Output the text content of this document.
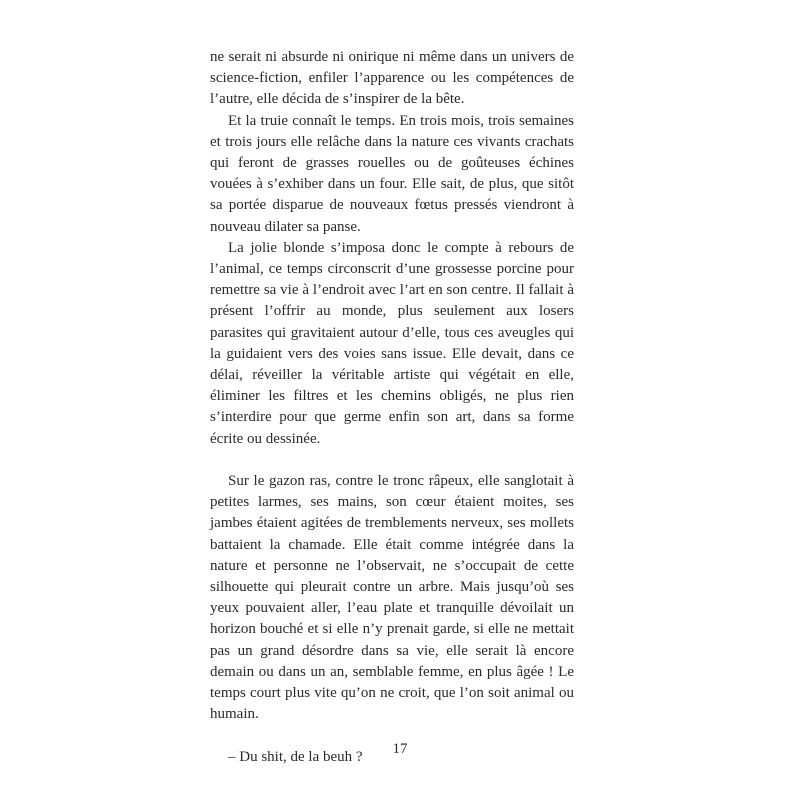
ne serait ni absurde ni onirique ni même dans un univers de science-fiction, enfiler l’apparence ou les compétences de l’autre, elle décida de s’inspirer de la bête.

Et la truie connaît le temps. En trois mois, trois semaines et trois jours elle relâche dans la nature ces vivants crachats qui feront de grasses rouelles ou de goûteuses échines vouées à s’exhiber dans un four. Elle sait, de plus, que sitôt sa portée disparue de nouveaux fœtus pressés viendront à nouveau dilater sa panse.

La jolie blonde s’imposa donc le compte à rebours de l’animal, ce temps circonscrit d’une grossesse porcine pour remettre sa vie à l’endroit avec l’art en son centre. Il fallait à présent l’offrir au monde, plus seulement aux losers parasites qui gravitaient autour d’elle, tous ces aveugles qui la guidaient vers des voies sans issue. Elle devait, dans ce délai, réveiller la véritable artiste qui végétait en elle, éliminer les filtres et les chemins obligés, ne plus rien s’interdire pour que germe enfin son art, dans sa forme écrite ou dessinée.

Sur le gazon ras, contre le tronc râpeux, elle sanglotait à petites larmes, ses mains, son cœur étaient moites, ses jambes étaient agitées de tremblements nerveux, ses mollets battaient la chamade. Elle était comme intégrée dans la nature et personne ne l’observait, ne s’occupait de cette silhouette qui pleurait contre un arbre. Mais jusqu’où ses yeux pouvaient aller, l’eau plate et tranquille dévoilait un horizon bouché et si elle n’y prenait garde, si elle ne mettait pas un grand désordre dans sa vie, elle serait là encore demain ou dans un an, semblable femme, en plus âgée ! Le temps court plus vite qu’on ne croit, que l’on soit animal ou humain.

– Du shit, de la beuh ?	17
